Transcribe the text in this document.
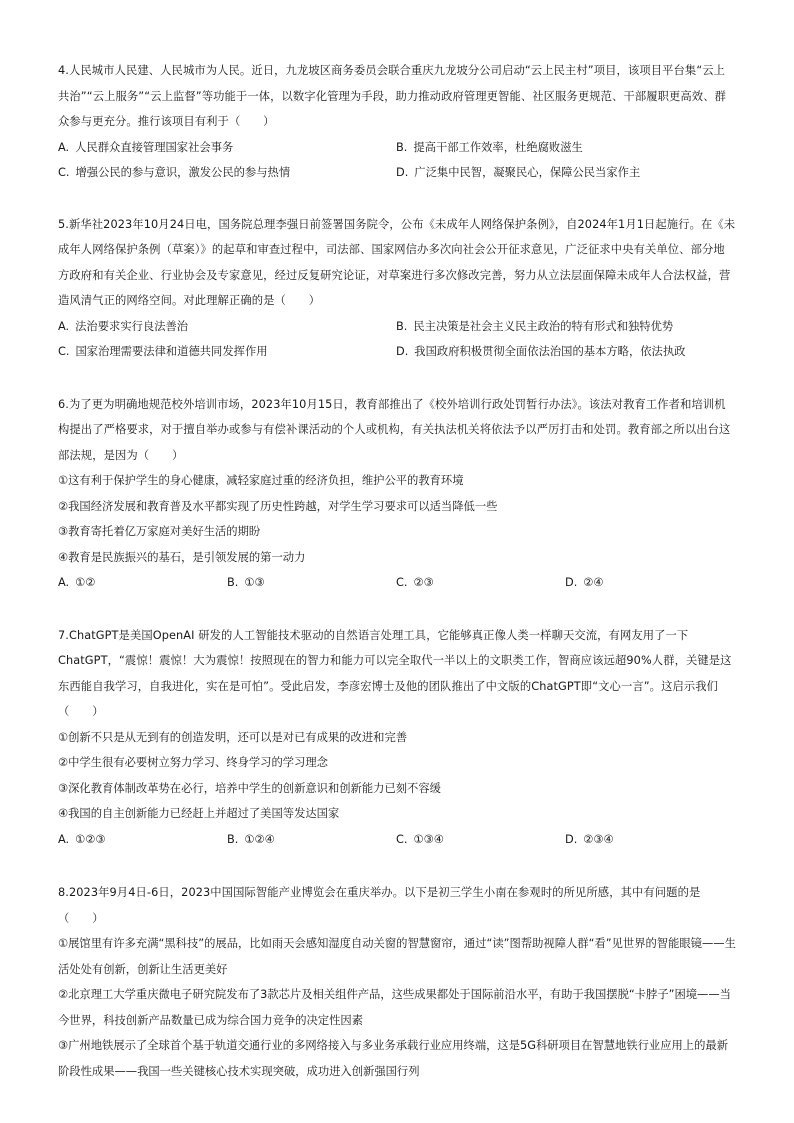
4.人民城市人民建、人民城市为人民。近日，九龙坡区商务委员会联合重庆九龙坡分公司启动“云上民主村”项目，该项目平台集“云上共治”“云上服务”“云上监督”等功能于一体，以数字化管理为手段，助力推动政府管理更智能、社区服务更规范、干部履职更高效、群众参与更充分。推行该项目有利于（　　）

A. 人民群众直接管理国家社会事务	B. 提高干部工作效率，杜绝腐败滋生
C. 增强公民的参与意识，激发公民的参与热情	D. 广泛集中民智，凝聚民心，保障公民当家作主

5.新华社2023年10月24日电，国务院总理李强日前签署国务院令，公布《未成年人网络保护条例》，自2024年1月1日起施行。在《未成年人网络保护条例（草案）》的起草和审查过程中，司法部、国家网信办多次向社会公开征求意见，广泛征求中央有关单位、部分地方政府和有关企业、行业协会及专家意见，经过反复研究论证，对草案进行多次修改完善，努力从立法层面保障未成年人合法权益，营造风清气正的网络空间。对此理解正确的是（　　）

A. 法治要求实行良法善治	B. 民主决策是社会主义民主政治的特有形式和独特优势
C. 国家治理需要法律和道德共同发挥作用	D. 我国政府积极贯彻全面依法治国的基本方略，依法执政

6.为了更为明确地规范校外培训市场，2023年10月15日，教育部推出了《校外培训行政处罚暂行办法》。该法对教育工作者和培训机构提出了严格要求，对于擅自举办或参与有偿补课活动的个人或机构，有关执法机关将依法予以严厉打击和处罚。教育部之所以出台这部法规，是因为（　　）

①这有利于保护学生的身心健康，减轻家庭过重的经济负担，维护公平的教育环境

②我国经济发展和教育普及水平都实现了历史性跨越，对学生学习要求可以适当降低一些

③教育寄托着亿万家庭对美好生活的期盼

④教育是民族振兴的基石，是引领发展的第一动力

A. ①②	B. ①③	C. ②③	D. ②④

7.ChatGPT是美国OpenAI 研发的人工智能技术驱动的自然语言处理工具，它能够真正像人类一样聊天交流，有网友用了一下ChatGPT，“震惊！震惊！大为震惊！按照现在的智力和能力可以完全取代一半以上的文职类工作，智商应该远超90%人群，关键是这东西能自我学习，自我进化，实在是可怕”。受此启发，李彦宏博士及他的团队推出了中文版的ChatGPT即“文心一言”。这启示我们（　　）

①创新不只是从无到有的创造发明，还可以是对已有成果的改进和完善

②中学生很有必要树立努力学习、终身学习的学习理念

③深化教育体制改革势在必行，培养中学生的创新意识和创新能力已刻不容缓

④我国的自主创新能力已经赶上并超过了美国等发达国家

A. ①②③	B. ①②④	C. ①③④	D. ②③④

8.2023年9月4日-6日，2023中国国际智能产业博览会在重庆举办。以下是初三学生小南在参观时的所见所感，其中有问题的是（　　）

①展馆里有许多充满“黑科技”的展品，比如雨天会感知湿度自动关窗的智慧窗帘，通过“读”图帮助视障人群“看”见世界的智能眼镜——生活处处有创新，创新让生活更美好

②北京理工大学重庆微电子研究院发布了3款芯片及相关组件产品，这些成果都处于国际前沿水平，有助于我国摆脱“卡脖子”困境——当今世界，科技创新产品数量已成为综合国力竞争的决定性因素

③广州地铁展示了全球首个基于轨道交通行业的多网络接入与多业务承载行业应用终端，这是5G科研项目在智慧地铁行业应用上的最新阶段性成果——我国一些关键核心技术实现突破，成功进入创新强国行列
